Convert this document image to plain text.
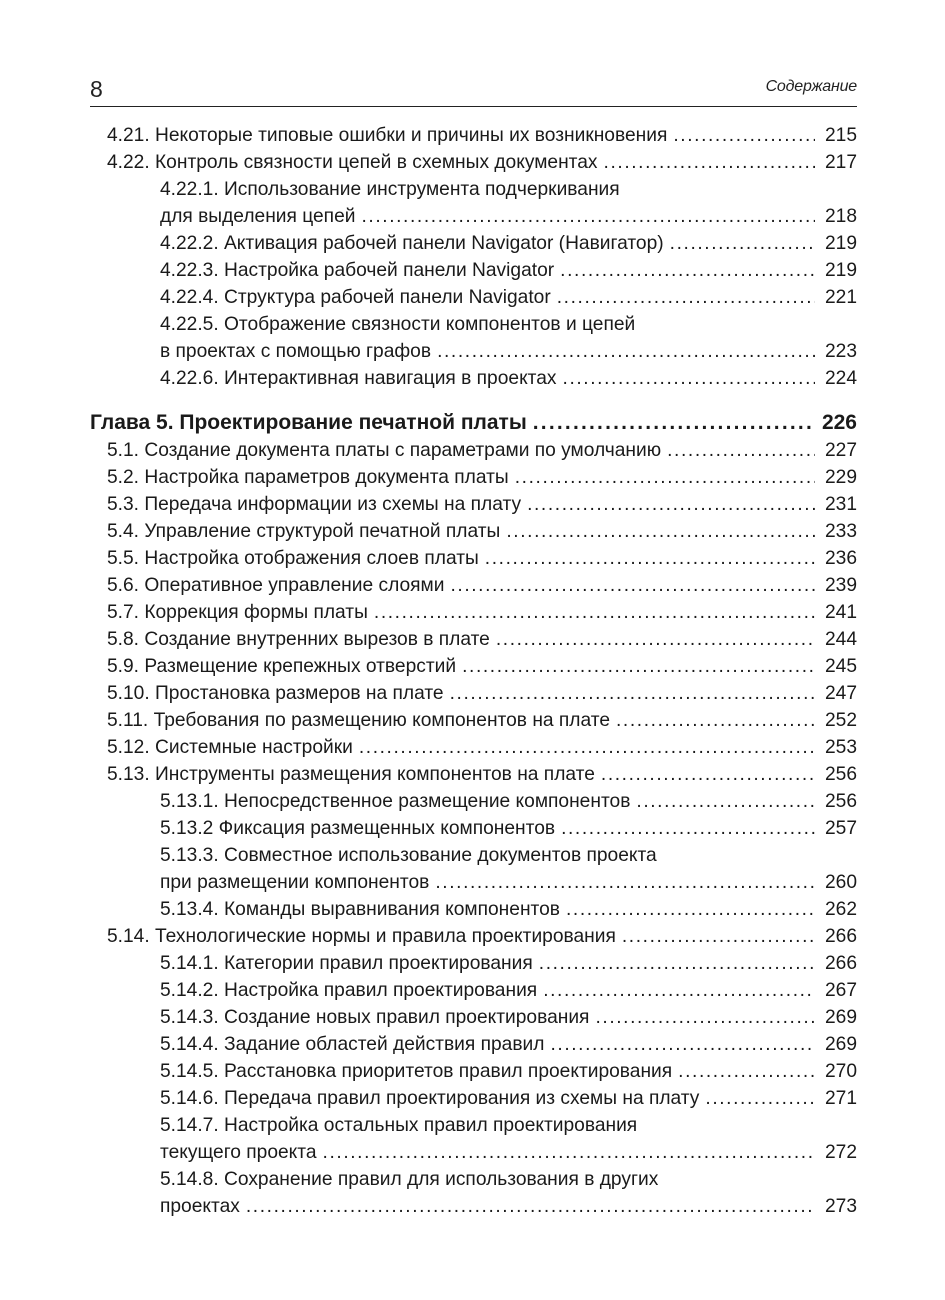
8	Содержание
4.21. Некоторые типовые ошибки и причины их возникновения .....	215
4.22. Контроль связности цепей в схемных документах .....	217
4.22.1. Использование инструмента подчеркивания
для выделения цепей .....	218
4.22.2. Активация рабочей панели Navigator (Навигатор) .....	219
4.22.3. Настройка рабочей панели Navigator .....	219
4.22.4. Структура рабочей панели Navigator .....	221
4.22.5. Отображение связности компонентов и цепей
в проектах с помощью графов .....	223
4.22.6. Интерактивная навигация в проектах .....	224
Глава 5. Проектирование печатной платы .....	226
5.1. Создание документа платы с параметрами по умолчанию .....	227
5.2. Настройка параметров документа платы .....	229
5.3. Передача информации из схемы на плату .....	231
5.4. Управление структурой печатной платы .....	233
5.5. Настройка отображения слоев платы .....	236
5.6. Оперативное управление слоями .....	239
5.7. Коррекция формы платы .....	241
5.8. Создание внутренних вырезов в плате .....	244
5.9. Размещение крепежных отверстий .....	245
5.10. Простановка размеров на плате .....	247
5.11. Требования по размещению компонентов на плате .....	252
5.12. Системные настройки .....	253
5.13. Инструменты размещения компонентов на плате .....	256
5.13.1. Непосредственное размещение компонентов .....	256
5.13.2 Фиксация размещенных компонентов .....	257
5.13.3. Совместное использование документов проекта
при размещении компонентов .....	260
5.13.4. Команды выравнивания компонентов .....	262
5.14. Технологические нормы и правила проектирования .....	266
5.14.1. Категории правил проектирования .....	266
5.14.2. Настройка правил проектирования .....	267
5.14.3. Создание новых правил проектирования .....	269
5.14.4. Задание областей действия правил .....	269
5.14.5. Расстановка приоритетов правил проектирования .....	270
5.14.6. Передача правил проектирования из схемы на плату .....	271
5.14.7. Настройка остальных правил проектирования
текущего проекта .....	272
5.14.8. Сохранение правил для использования в других
проектах .....	273
